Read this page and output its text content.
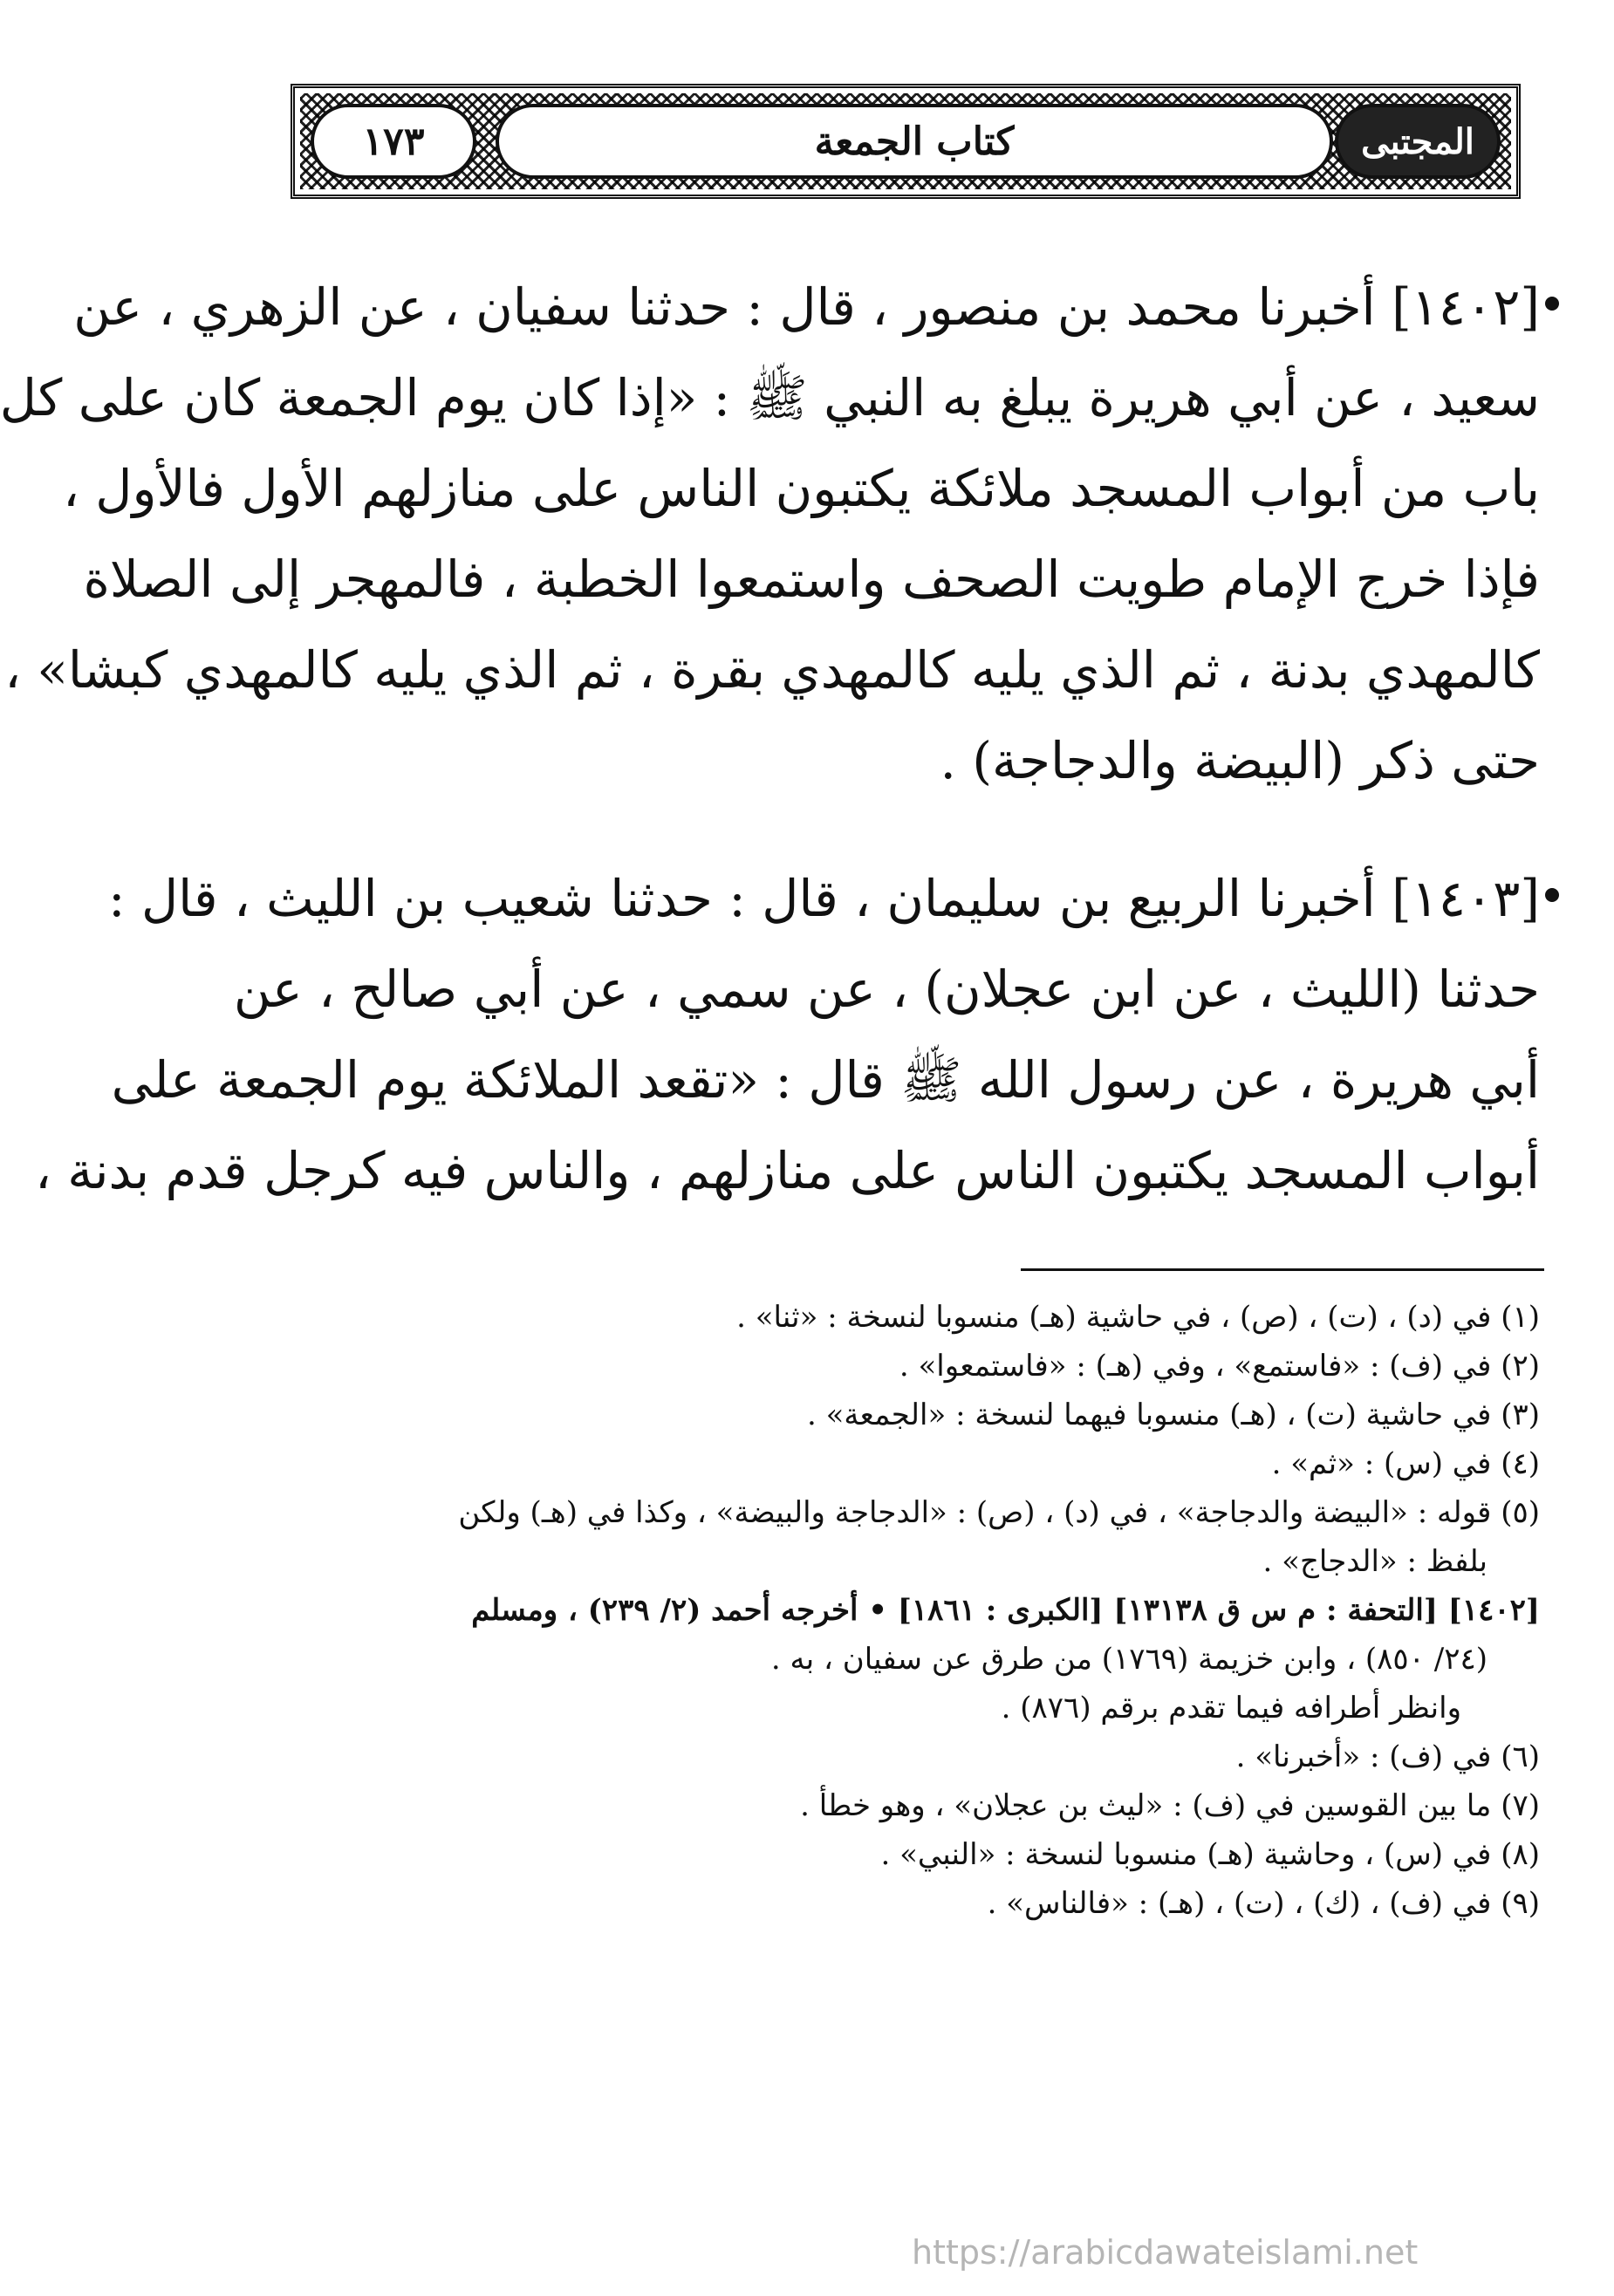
المجتبى
كتاب الجمعة
١٧٣
[١٤٠٢] أخبرنا محمد بن منصور ، قال : حدثنا سفيان ، عن الزهري ، عن
سعيد ، عن أبي هريرة يبلغ به النبي ﷺ : «إذا كان يوم الجمعة كان على كل
باب من أبواب المسجد ملائكة يكتبون الناس على منازلهم الأول فالأول ،
فإذا خرج الإمام طويت الصحف واستمعوا الخطبة ، فالمهجر إلى الصلاة
كالمهدي بدنة ، ثم الذي يليه كالمهدي بقرة ، ثم الذي يليه كالمهدي كبشا» ،
حتى ذكر (البيضة والدجاجة) .
[١٤٠٣] أخبرنا الربيع بن سليمان ، قال : حدثنا شعيب بن الليث ، قال :
حدثنا (الليث ، عن ابن عجلان) ، عن سمي ، عن أبي صالح ، عن
أبي هريرة ، عن رسول الله ﷺ قال : «تقعد الملائكة يوم الجمعة على
أبواب المسجد يكتبون الناس على منازلهم ، والناس فيه كرجل قدم بدنة ،
(١) في (د) ، (ت) ، (ص) ، في حاشية (هـ) منسوبا لنسخة : «ثنا» .
(٢) في (ف) : «فاستمع» ، وفي (هـ) : «فاستمعوا» .
(٣) في حاشية (ت) ، (هـ) منسوبا فيهما لنسخة : «الجمعة» .
(٤) في (س) : «ثم» .
(٥) قوله : «البيضة والدجاجة» ، في (د) ، (ص) : «الدجاجة والبيضة» ، وكذا في (هـ) ولكن
بلفظ : «الدجاج» .
[١٤٠٢] [التحفة : م س ق ١٣١٣٨] [الكبرى : ١٨٦١] • أخرجه أحمد (٢/ ٢٣٩) ، ومسلم
(٢٤/ ٨٥٠) ، وابن خزيمة (١٧٦٩) من طرق عن سفيان ، به .
وانظر أطرافه فيما تقدم برقم (٨٧٦) .
(٦) في (ف) : «أخبرنا» .
(٧) ما بين القوسين في (ف) : «ليث بن عجلان» ، وهو خطأ .
(٨) في (س) ، وحاشية (هـ) منسوبا لنسخة : «النبي» .
(٩) في (ف) ، (ك) ، (ت) ، (هـ) : «فالناس» .
https://arabicdawateislami.net
